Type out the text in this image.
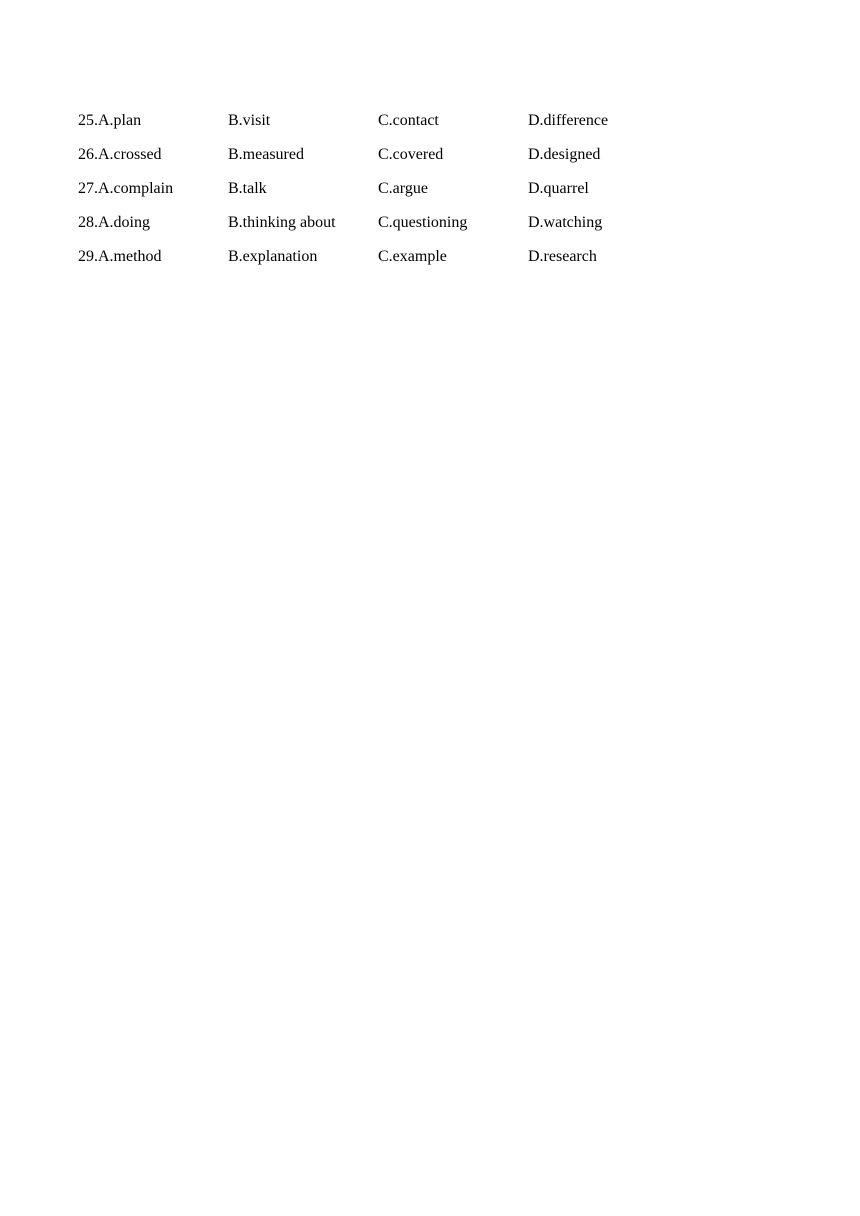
25.A.plan	B.visit	C.contact	D.difference
26.A.crossed	B.measured	C.covered	D.designed
27.A.complain	B.talk	C.argue	D.quarrel
28.A.doing	B.thinking about	C.questioning	D.watching
29.A.method	B.explanation	C.example	D.research
